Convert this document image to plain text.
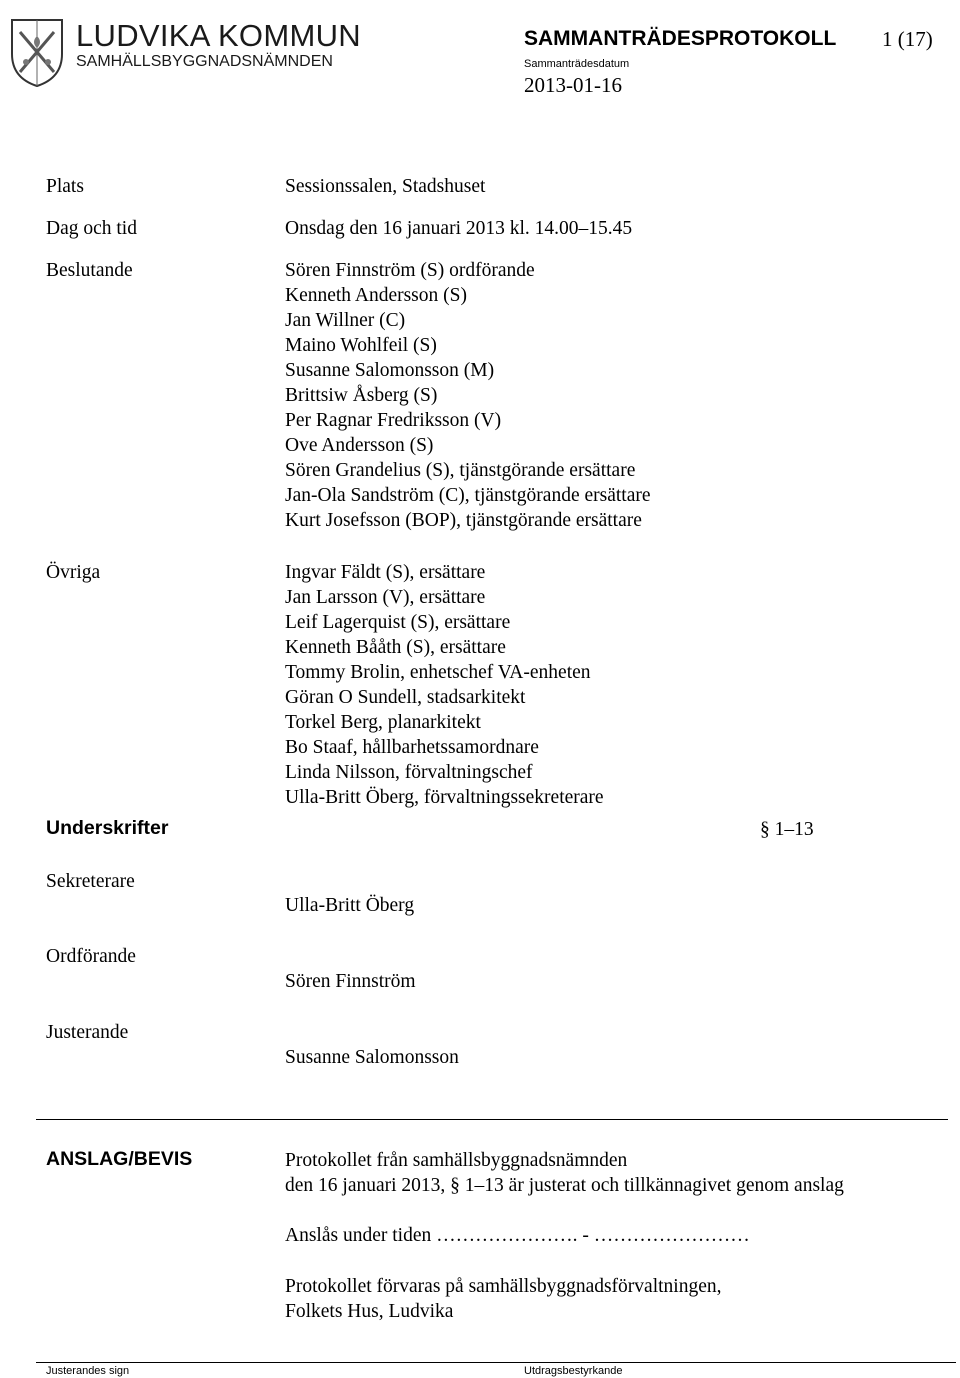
LUDVIKA KOMMUN
SAMHÄLLSBYGGNADSNÄMNDEN
SAMMANTRÄDESPROTOKOLL 1 (17)
Sammanträdesdatum
2013-01-16
Plats	Sessionssalen, Stadshuset
Dag och tid	Onsdag den 16 januari 2013 kl. 14.00–15.45
Beslutande	Sören Finnström (S) ordförande
Kenneth Andersson (S)
Jan Willner (C)
Maino Wohlfeil (S)
Susanne Salomonsson (M)
Brittsiw Åsberg (S)
Per Ragnar Fredriksson (V)
Ove Andersson (S)
Sören Grandelius (S), tjänstgörande ersättare
Jan-Ola Sandström (C), tjänstgörande ersättare
Kurt Josefsson (BOP), tjänstgörande ersättare
Övriga	Ingvar Fäldt (S), ersättare
Jan Larsson (V), ersättare
Leif Lagerquist (S), ersättare
Kenneth Bååth (S), ersättare
Tommy Brolin, enhetschef VA-enheten
Göran O Sundell, stadsarkitekt
Torkel Berg, planarkitekt
Bo Staaf, hållbarhetssamordnare
Linda Nilsson, förvaltningschef
Ulla-Britt Öberg, förvaltningssekreterare
Underskrifter	§ 1–13
Sekreterare
Ulla-Britt Öberg
Ordförande
Sören Finnström
Justerande
Susanne Salomonsson
ANSLAG/BEVIS	Protokollet från samhällsbyggnadsnämnden
den 16 januari 2013, § 1–13 är justerat och tillkännagivet genom anslag
Anslås under tiden …………………. - ……………………
Protokollet förvaras på samhällsbyggnadsförvaltningen,
Folkets Hus, Ludvika
Justerandes sign	Utdragsbestyrkande
